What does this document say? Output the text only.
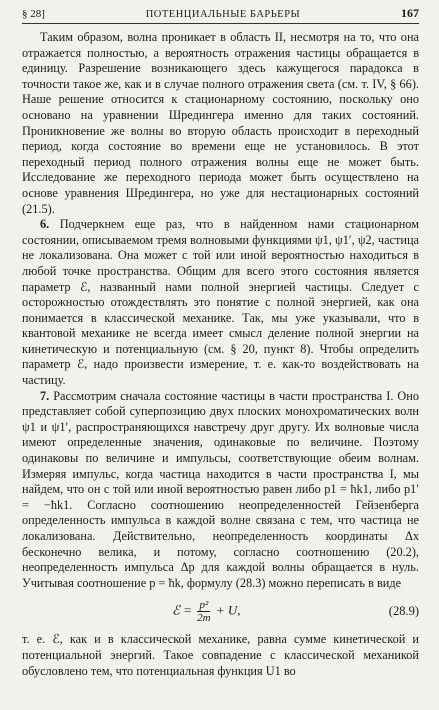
§ 28]	ПОТЕНЦИАЛЬНЫЕ БАРЬЕРЫ	167

Таким образом, волна проникает в область II, несмотря на то, что она отражается полностью, а вероятность отражения частицы обращается в единицу. Разрешение возникающего здесь кажущегося парадокса в точности такое же, как и в случае полного отражения света (см. т. IV, § 66). Наше решение относится к стационарному состоянию, поскольку оно основано на уравнении Шредингера именно для таких состояний. Проникновение же волны во вторую область происходит в переходный период, когда состояние во времени еще не установилось. В этот переходный период полного отражения волны еще не может быть. Исследование же переходного периода может быть осуществлено на основе уравнения Шредингера, но уже для нестационарных состояний (21.5).

6. Подчеркнем еще раз, что в найденном нами стационарном состоянии, описываемом тремя волновыми функциями ψ1, ψ1′, ψ2, частица не локализована. Она может с той или иной вероятностью находиться в любой точке пространства. Общим для всего этого состояния является параметр ℰ, названный нами полной энергией частицы. Следует с осторожностью отождествлять это понятие с полной энергией, как она понимается в классической механике. Так, мы уже указывали, что в квантовой механике не всегда имеет смысл деление полной энергии на кинетическую и потенциальную (см. § 20, пункт 8). Чтобы определить параметр ℰ, надо произвести измерение, т. е. как-то воздействовать на частицу.

7. Рассмотрим сначала состояние частицы в части пространства I. Оно представляет собой суперпозицию двух плоских монохроматических волн ψ1 и ψ1′, распространяющихся навстречу друг другу. Их волновые числа имеют определенные значения, одинаковые по величине. Поэтому одинаковы по величине и импульсы, соответствующие обеим волнам. Измеряя импульс, когда частица находится в части пространства I, мы найдем, что он с той или иной вероятностью равен либо p1 = ħk1, либо p1′ = −ħk1. Согласно соотношению неопределенностей Гейзенберга определенность импульса в каждой волне связана с тем, что частица не локализована. Действительно, неопределенность координаты Δx бесконечно велика, и потому, согласно соотношению (20.2), неопределенность импульса Δp для каждой волны обращается в нуль. Учитывая соотношение p = ħk, формулу (28.3) можно переписать в виде

ℰ = $\frac{\text{p²}}{2m} + U$,	(28.9)

т. е. ℰ, как и в классической механике, равна сумме кинетической и потенциальной энергий. Такое совпадение с классической механикой обусловлено тем, что потенциальная функция U1 во
